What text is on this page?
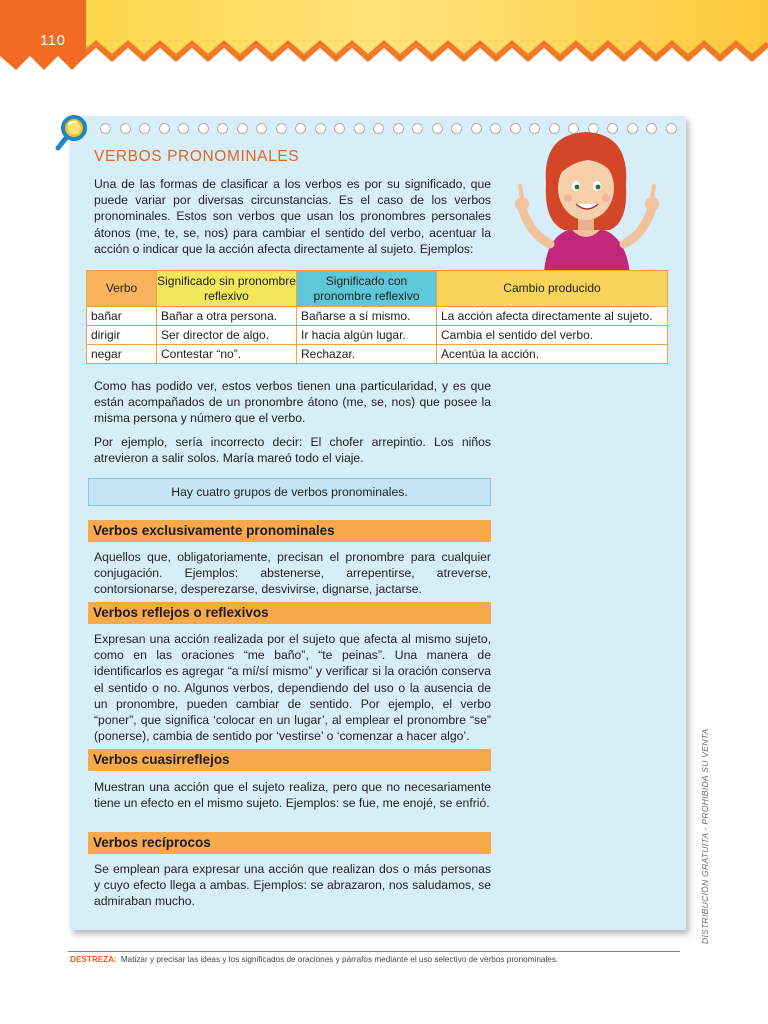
110
VERBOS PRONOMINALES
Una de las formas de clasificar a los verbos es por su significado, que puede variar por diversas circunstancias. Es el caso de los verbos pronominales. Estos son verbos que usan los pronombres personales átonos (me, te, se, nos) para cambiar el sentido del verbo, acentuar la acción o indicar que la acción afecta directamente al sujeto. Ejemplos:
Verbo	Significado sin pronombre reflexivo	Significado con pronombre reflexivo	Cambio producido
bañar	Bañar a otra persona.	Bañarse a sí mismo.	La acción afecta directamente al sujeto.
dirigir	Ser director de algo.	Ir hacia algún lugar.	Cambia el sentido del verbo.
negar	Contestar “no”.	Rechazar.	Acentúa la acción.
Como has podido ver, estos verbos tienen una particularidad, y es que están acompañados de un pronombre átono (me, se, nos) que posee la misma persona y número que el verbo.
Por ejemplo, sería incorrecto decir: El chofer arrepintio. Los niños atrevieron a salir solos. María mareó todo el viaje.
Hay cuatro grupos de verbos pronominales.
Verbos exclusivamente pronominales
Aquellos que, obligatoriamente, precisan el pronombre para cualquier conjugación. Ejemplos: abstenerse, arrepentirse, atreverse, contorsionarse, desperezarse, desvivirse, dignarse, jactarse.
Verbos reflejos o reflexivos
Expresan una acción realizada por el sujeto que afecta al mismo sujeto, como en las oraciones “me baño”, “te peinas”. Una manera de identificarlos es agregar “a mí/sí mismo” y verificar si la oración conserva el sentido o no. Algunos verbos, dependiendo del uso o la ausencia de un pronombre, pueden cambiar de sentido. Por ejemplo, el verbo “poner”, que significa ‘colocar en un lugar’, al emplear el pronombre “se” (ponerse), cambia de sentido por ‘vestirse’ o ‘comenzar a hacer algo’.
Verbos cuasirreflejos
Muestran una acción que el sujeto realiza, pero que no necesariamente tiene un efecto en el mismo sujeto. Ejemplos: se fue, me enojé, se enfrió.
Verbos recíprocos
Se emplean para expresar una acción que realizan dos o más personas y cuyo efecto llega a ambas. Ejemplos: se abrazaron, nos saludamos, se admiraban mucho.	DISTRIBUCIÓN GRATUITA - PROHIBIDA SU VENTA
DESTREZA: Matizar y precisar las ideas y los significados de oraciones y párrafos mediante el uso selectivo de verbos pronominales.
